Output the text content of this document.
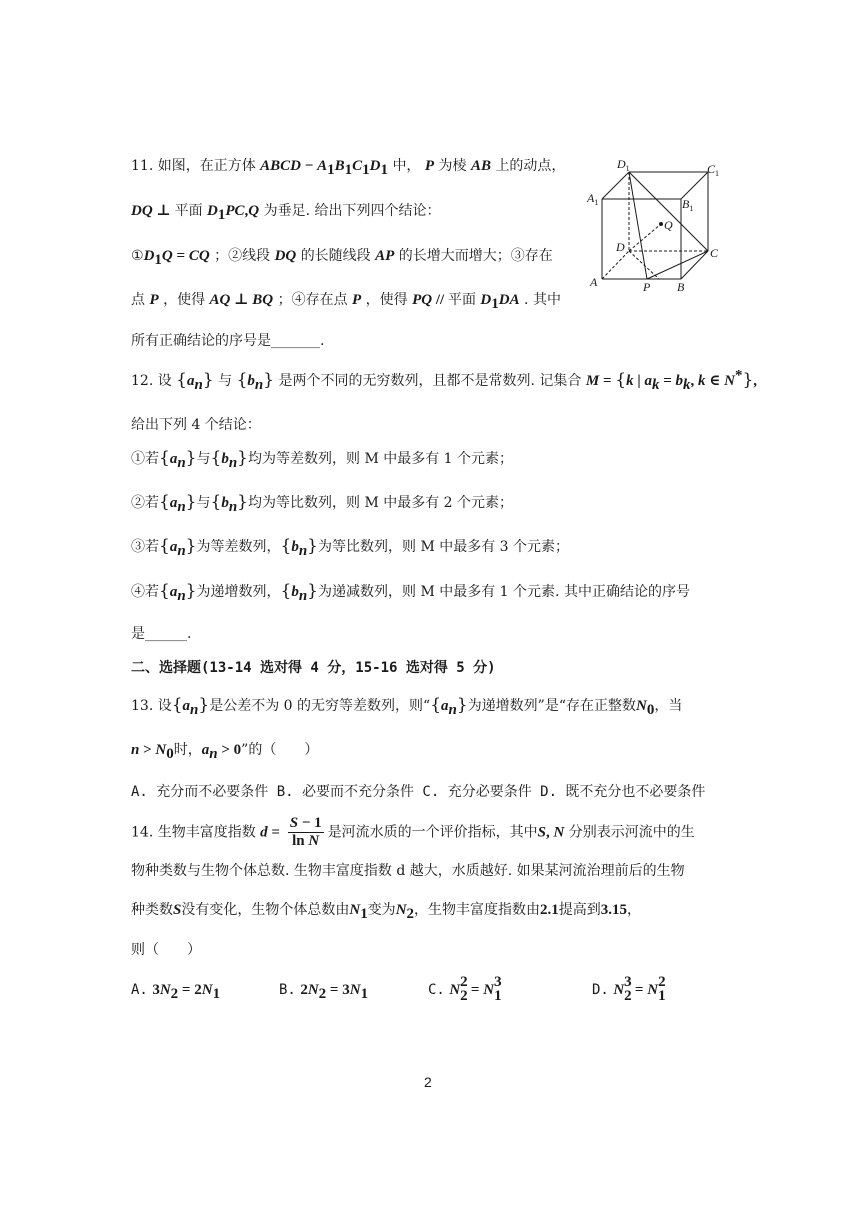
11. 如图，在正方体 ABCD − $A_1B_1C_1D_1$ 中， P 为棱 AB 上的动点，
DQ ⊥ 平面 $D_1PC,Q$ 为垂足. 给出下列四个结论：
$①D_1Q$ = CQ ；②线段 DQ 的长随线段 AP 的长增大而增大；③存在
点 P ，使得 AQ ⊥ BQ ；④存在点 P ，使得 PQ // 平面 $D_1DA$ . 其中
所有正确结论的序号是_______.
$D_1$	$C_1$
$A_1$	$B_1$
Q
D	C
A	P B
12. 设 $\{a_n\}$ 与 $\{b_n\}$ 是两个不同的无穷数列，且都不是常数列. 记集合 M = {k | $a_k = b_k$, k ∈ N*},
给出下列 4 个结论：
①若$\{a_n\}$与$\{b_n\}$均为等差数列，则 M 中最多有 1 个元素；
②若$\{a_n\}$与$\{b_n\}$均为等比数列，则 M 中最多有 2 个元素；
③若$\{a_n\}$为等差数列，$\{b_n\}$为等比数列，则 M 中最多有 3 个元素；
④若$\{a_n\}$为递增数列，$\{b_n\}$为递减数列，则 M 中最多有 1 个元素. 其中正确结论的序号
是______.
二、选择题(13-14 选对得 4 分，15-16 选对得 5 分)
13. 设$\{a_n\}$是公差不为 0 的无穷等差数列，则“$\{a_n\}$为递增数列”是“存在正整数$N_0$，当
$n > N_0$时，$a_n > 0$”的（　　）
A. 充分而不必要条件 B. 必要而不充分条件 C. 充分必要条件 D. 既不充分也不必要条件
14. 生物丰富度指数 $d = \frac{S - 1}{\text{ln N}}$ 是河流水质的一个评价指标，其中S, N 分别表示河流中的生
物种类数与生物个体总数. 生物丰富度指数 d 越大，水质越好. 如果某河流治理前后的生物
种类数S没有变化，生物个体总数由$N_1$变为$N_2$，生物丰富度指数由2.1提高到3.15，
则（　　）
A. $3N_2 = 2N_1$	B. $2N_2 = 3N_1$	C. N 2
2 = N 3
1	D. N 3
2 = N 2
1
2
